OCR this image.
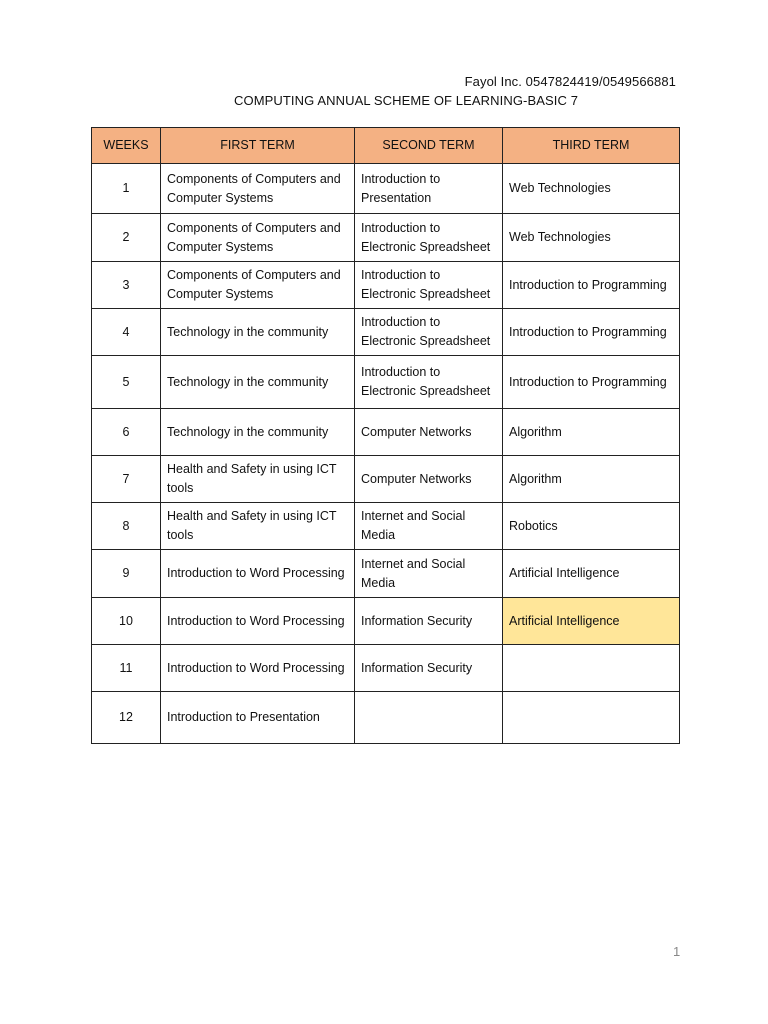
Fayol Inc. 0547824419/0549566881
COMPUTING ANNUAL SCHEME OF LEARNING-BASIC 7
WEEKS	FIRST TERM	SECOND TERM	THIRD TERM
1	Components of Computers and Computer Systems	Introduction to Presentation	Web Technologies
2	Components of Computers and Computer Systems	Introduction to Electronic Spreadsheet	Web Technologies
3	Components of Computers and Computer Systems	Introduction to Electronic Spreadsheet	Introduction to Programming
4	Technology in the community	Introduction to Electronic Spreadsheet	Introduction to Programming
5	Technology in the community	Introduction to Electronic Spreadsheet	Introduction to Programming
6	Technology in the community	Computer Networks	Algorithm
7	Health and Safety in using ICT tools	Computer Networks	Algorithm
8	Health and Safety in using ICT tools	Internet and Social Media	Robotics
9	Introduction to Word Processing	Internet and Social Media	Artificial Intelligence
10	Introduction to Word Processing	Information Security	Artificial Intelligence
11	Introduction to Word Processing	Information Security	
12	Introduction to Presentation		
1
